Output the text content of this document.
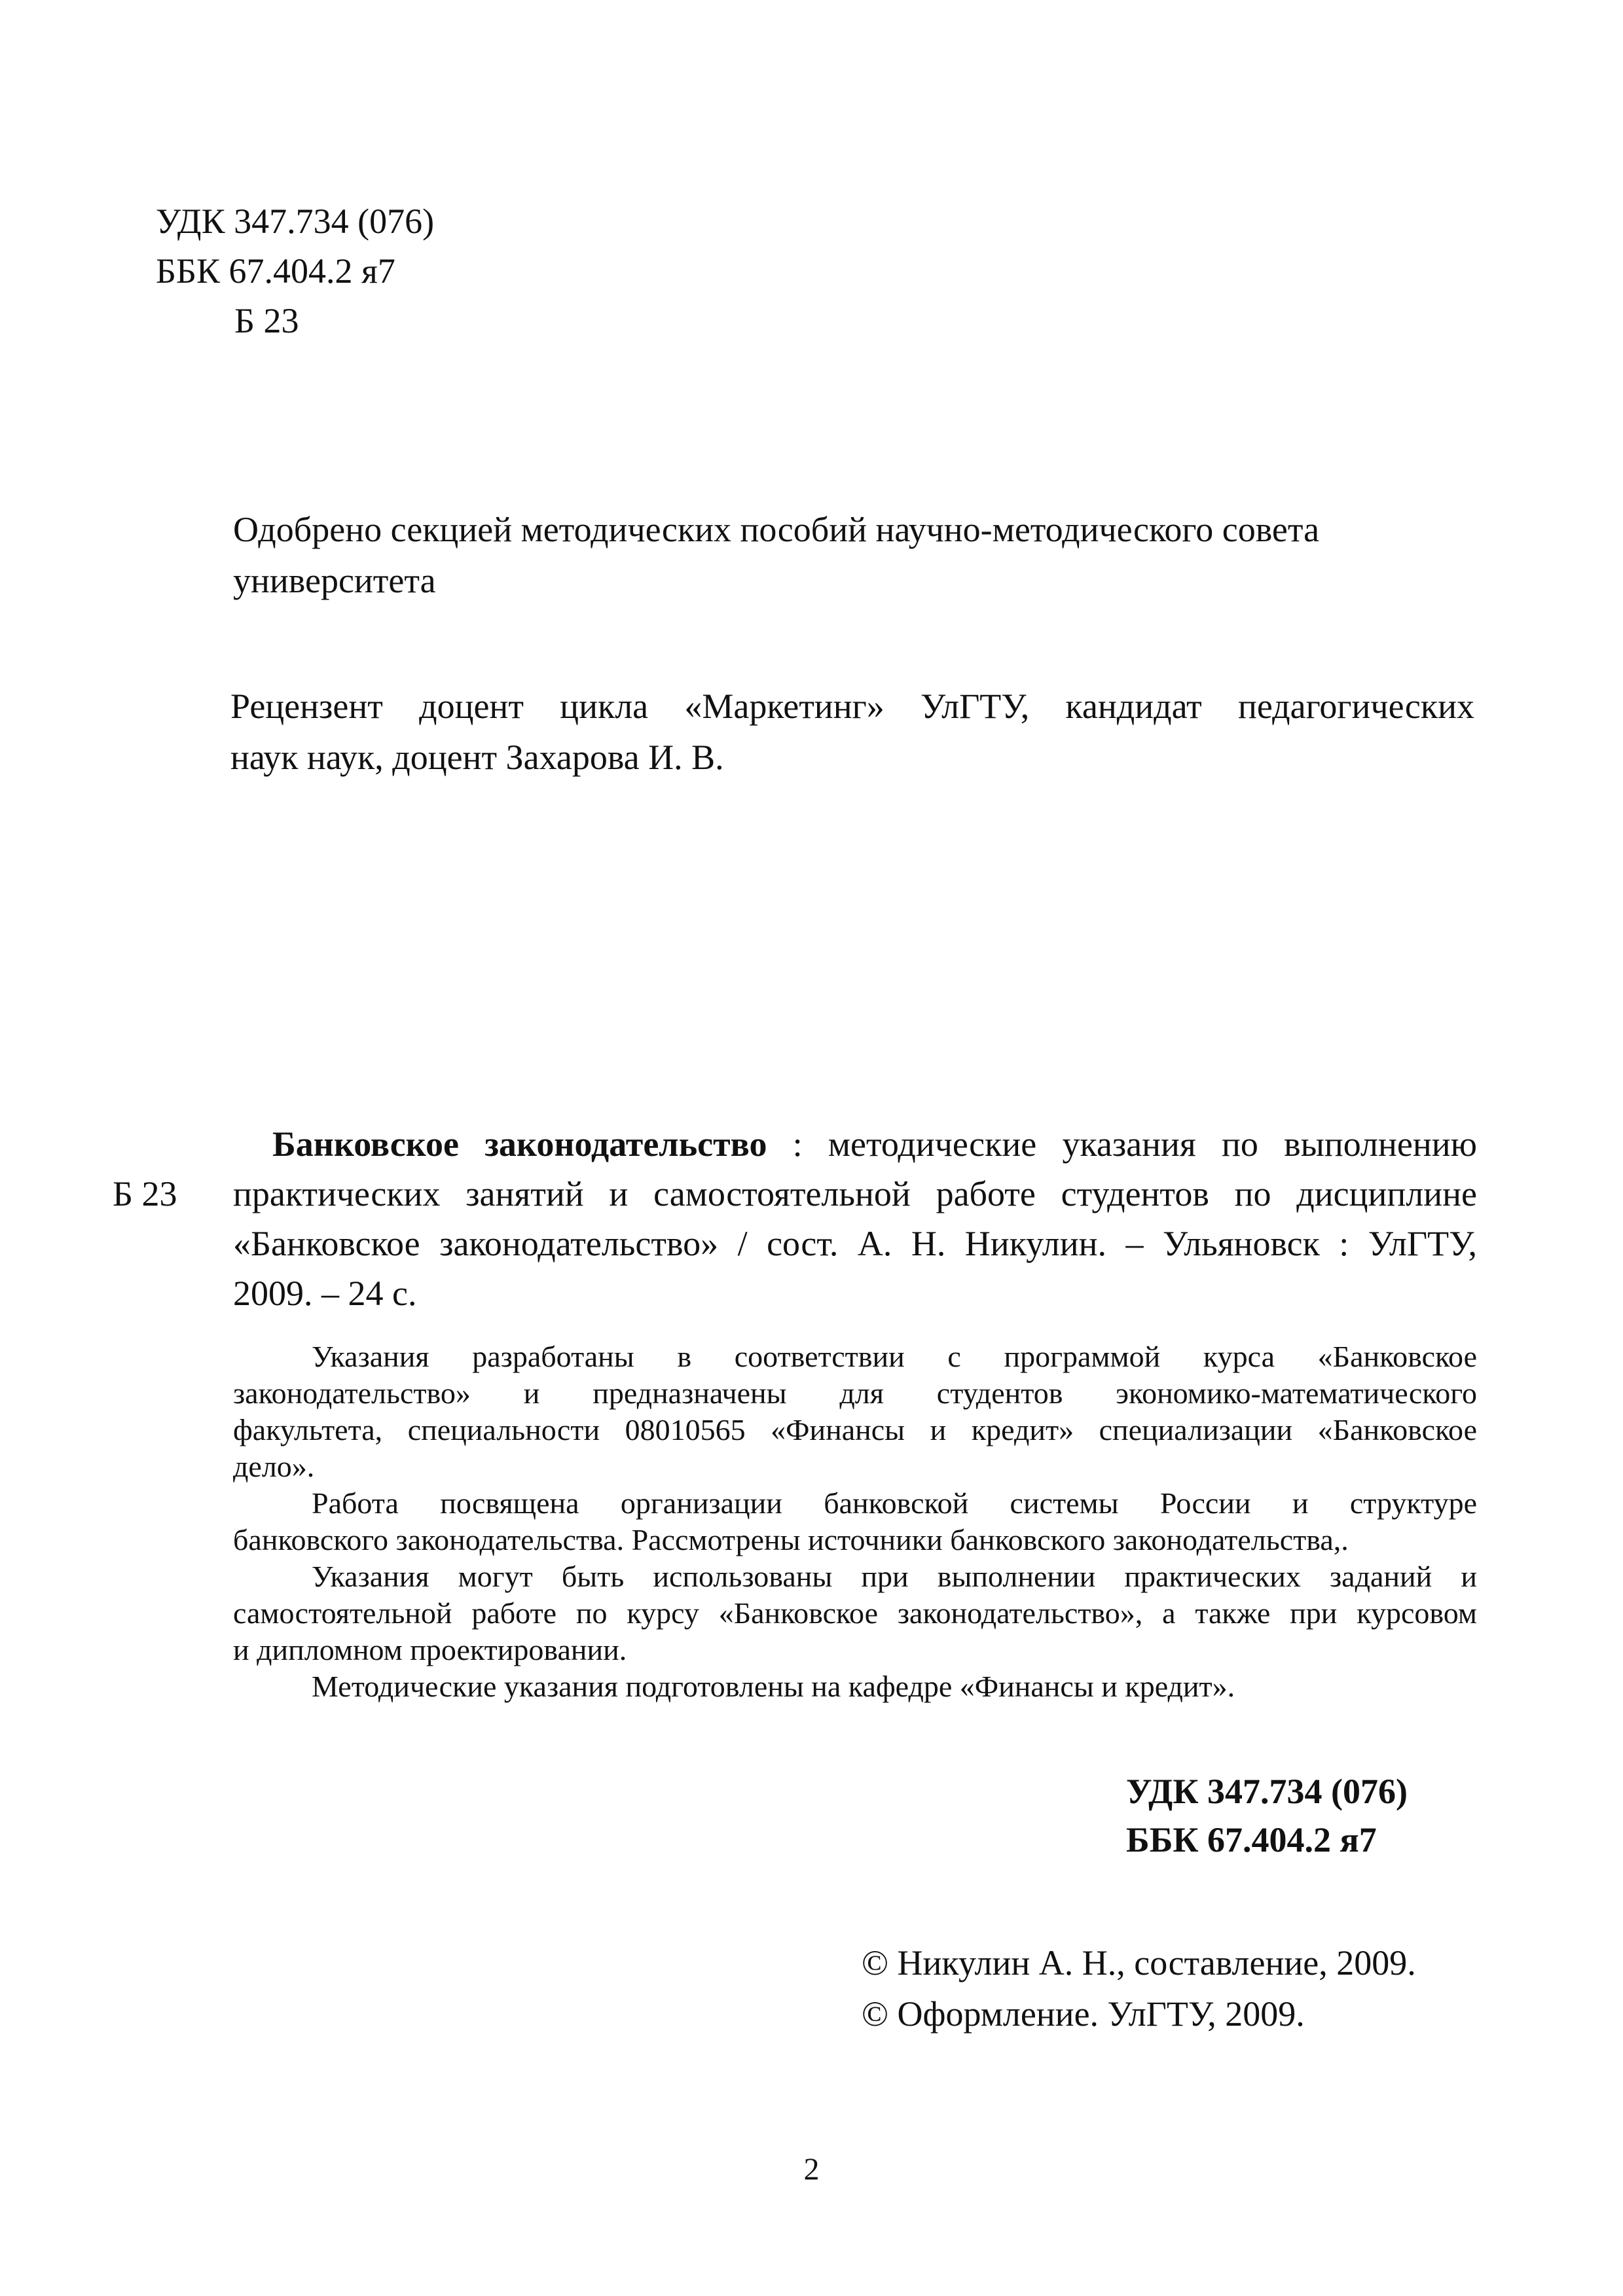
УДК 347.734 (076)
ББК 67.404.2 я7
Б 23
Одобрено секцией методических пособий научно-методического совета
университета
Рецензент доцент цикла «Маркетинг» УлГТУ, кандидат педагогических
наук наук, доцент Захарова И. В.
Б 23
Банковское законодательство : методические указания по выполнению
практических занятий и самостоятельной работе студентов по дисциплине
«Банковское законодательство» / сост. А. Н. Никулин. – Ульяновск : УлГТУ,
2009. – 24 с.
Указания разработаны в соответствии с программой курса «Банковское
законодательство» и предназначены для студентов экономико-математического
факультета, специальности 08010565 «Финансы и кредит» специализации «Банковское
дело».
Работа посвящена организации банковской системы России и структуре
банковского законодательства. Рассмотрены источники банковского законодательства,.
Указания могут быть использованы при выполнении практических заданий и
самостоятельной работе по курсу «Банковское законодательство», а также при курсовом
и дипломном проектировании.
Методические указания подготовлены на кафедре «Финансы и кредит».
УДК 347.734 (076)
ББК 67.404.2 я7
© Никулин А. Н., составление, 2009.
© Оформление. УлГТУ, 2009.
2
